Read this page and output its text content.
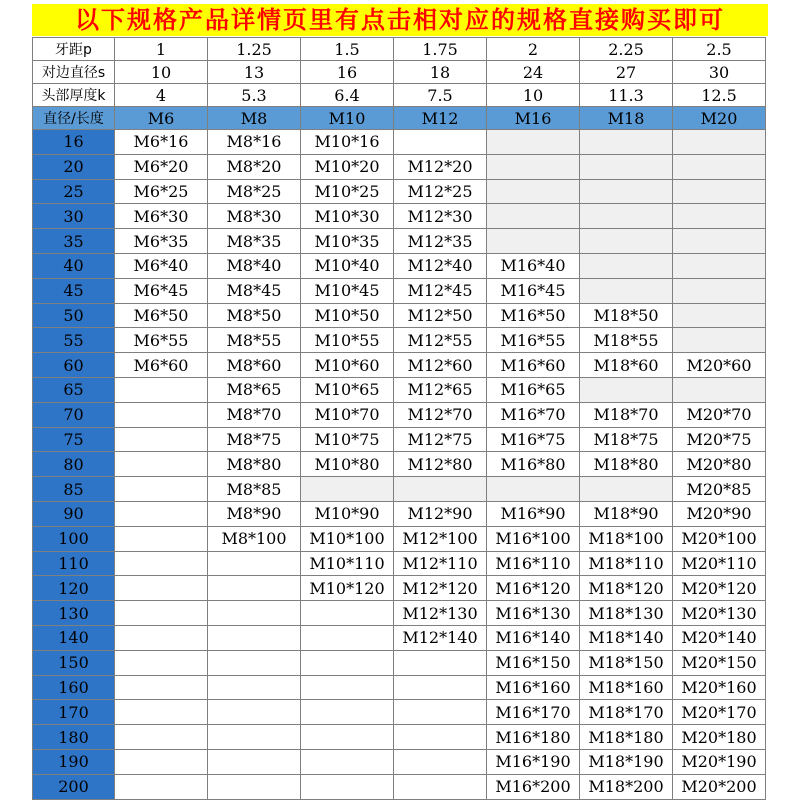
以下规格产品详情页里有点击相对应的规格直接购买即可
牙距p	1	1.25	1.5	1.75	2	2.25	2.5
对边直径s	10	13	16	18	24	27	30
头部厚度k	4	5.3	6.4	7.5	10	11.3	12.5
直径/长度	M6	M8	M10	M12	M16	M18	M20
16	M6*16	M8*16	M10*16				
20	M6*20	M8*20	M10*20	M12*20			
25	M6*25	M8*25	M10*25	M12*25			
30	M6*30	M8*30	M10*30	M12*30			
35	M6*35	M8*35	M10*35	M12*35			
40	M6*40	M8*40	M10*40	M12*40	M16*40		
45	M6*45	M8*45	M10*45	M12*45	M16*45		
50	M6*50	M8*50	M10*50	M12*50	M16*50	M18*50	
55	M6*55	M8*55	M10*55	M12*55	M16*55	M18*55	
60	M6*60	M8*60	M10*60	M12*60	M16*60	M18*60	M20*60
65		M8*65	M10*65	M12*65	M16*65		
70		M8*70	M10*70	M12*70	M16*70	M18*70	M20*70
75		M8*75	M10*75	M12*75	M16*75	M18*75	M20*75
80		M8*80	M10*80	M12*80	M16*80	M18*80	M20*80
85		M8*85					M20*85
90		M8*90	M10*90	M12*90	M16*90	M18*90	M20*90
100		M8*100	M10*100	M12*100	M16*100	M18*100	M20*100
110			M10*110	M12*110	M16*110	M18*110	M20*110
120			M10*120	M12*120	M16*120	M18*120	M20*120
130				M12*130	M16*130	M18*130	M20*130
140				M12*140	M16*140	M18*140	M20*140
150					M16*150	M18*150	M20*150
160					M16*160	M18*160	M20*160
170					M16*170	M18*170	M20*170
180					M16*180	M18*180	M20*180
190					M16*190	M18*190	M20*190
200					M16*200	M18*200	M20*200
